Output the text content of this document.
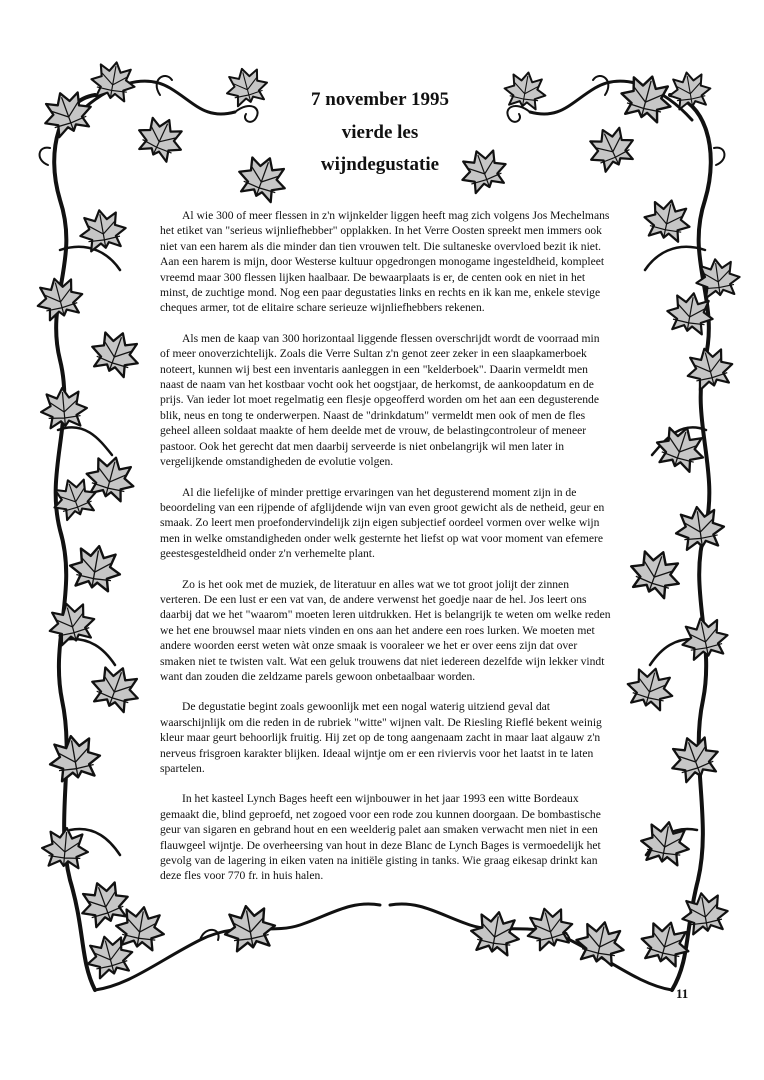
7 november 1995
vierde les
wijndegustatie

Al wie 300 of meer flessen in z'n wijnkelder liggen heeft mag zich volgens Jos Mechelmans het etiket van "serieus wijnliefhebber" opplakken. In het Verre Oosten spreekt men immers ook niet van een harem als die minder dan tien vrouwen telt. Die sultaneske overvloed bezit ik niet. Aan een harem is mijn, door Westerse kultuur opgedrongen monogame ingesteldheid, kompleet vreemd maar 300 flessen lijken haalbaar. De bewaarplaats is er, de centen ook en niet in het minst, de zuchtige mond. Nog een paar degustaties links en rechts en ik kan me, enkele stevige cheques armer, tot de elitaire schare serieuze wijnliefhebbers rekenen.

Als men de kaap van 300 horizontaal liggende flessen overschrijdt wordt de voorraad min of meer onoverzichtelijk. Zoals die Verre Sultan z'n genot zeer zeker in een slaapkamerboek noteert, kunnen wij best een inventaris aanleggen in een "kelderboek". Daarin vermeldt men naast de naam van het kostbaar vocht ook het oogstjaar, de herkomst, de aankoopdatum en de prijs. Van ieder lot moet regelmatig een flesje opgeofferd worden om het aan een degusterende blik, neus en tong te onderwerpen. Naast de "drinkdatum" vermeldt men ook of men de fles geheel alleen soldaat maakte of hem deelde met de vrouw, de belastingcontroleur of meneer pastoor. Ook het gerecht dat men daarbij serveerde is niet onbelangrijk wil men later in vergelijkende omstandigheden de evolutie volgen.

Al die liefelijke of minder prettige ervaringen van het degusterend moment zijn in de beoordeling van een rijpende of afglijdende wijn van even groot gewicht als de netheid, geur en smaak. Zo leert men proefondervindelijk zijn eigen subjectief oordeel vormen over welke wijn men in welke omstandigheden onder welk gesternte het liefst op wat voor moment van efemere geestesgesteldheid onder z'n verhemelte plant.

Zo is het ook met de muziek, de literatuur en alles wat we tot groot jolijt der zinnen verteren. De een lust er een vat van, de andere verwenst het goedje naar de hel. Jos leert ons daarbij dat we het "waarom" moeten leren uitdrukken. Het is belangrijk te weten om welke reden we het ene brouwsel maar niets vinden en ons aan het andere een roes lurken. We moeten met andere woorden eerst weten wàt onze smaak is vooraleer we het er over eens zijn dat over smaken niet te twisten valt. Wat een geluk trouwens dat niet iedereen dezelfde wijn lekker vindt want dan zouden die zeldzame parels gewoon onbetaalbaar worden.

De degustatie begint zoals gewoonlijk met een nogal waterig uitziend geval dat waarschijnlijk om die reden in de rubriek "witte" wijnen valt. De Riesling Rieflé bekent weinig kleur maar geurt behoorlijk fruitig. Hij zet op de tong aangenaam zacht in maar laat algauw z'n nerveus frisgroen karakter blijken. Ideaal wijntje om er een riviervis voor het laatst in te laten spartelen.

In het kasteel Lynch Bages heeft een wijnbouwer in het jaar 1993 een witte Bordeaux gemaakt die, blind geproefd, net zogoed voor een rode zou kunnen doorgaan. De bombastische geur van sigaren en gebrand hout en een weelderig palet aan smaken verwacht men niet in een flauwgeel wijntje. De overheersing van hout in deze Blanc de Lynch Bages is vermoedelijk het gevolg van de lagering in eiken vaten na initiële gisting in tanks. Wie graag eikesap drinkt kan deze fles voor 770 fr. in huis halen.

11
